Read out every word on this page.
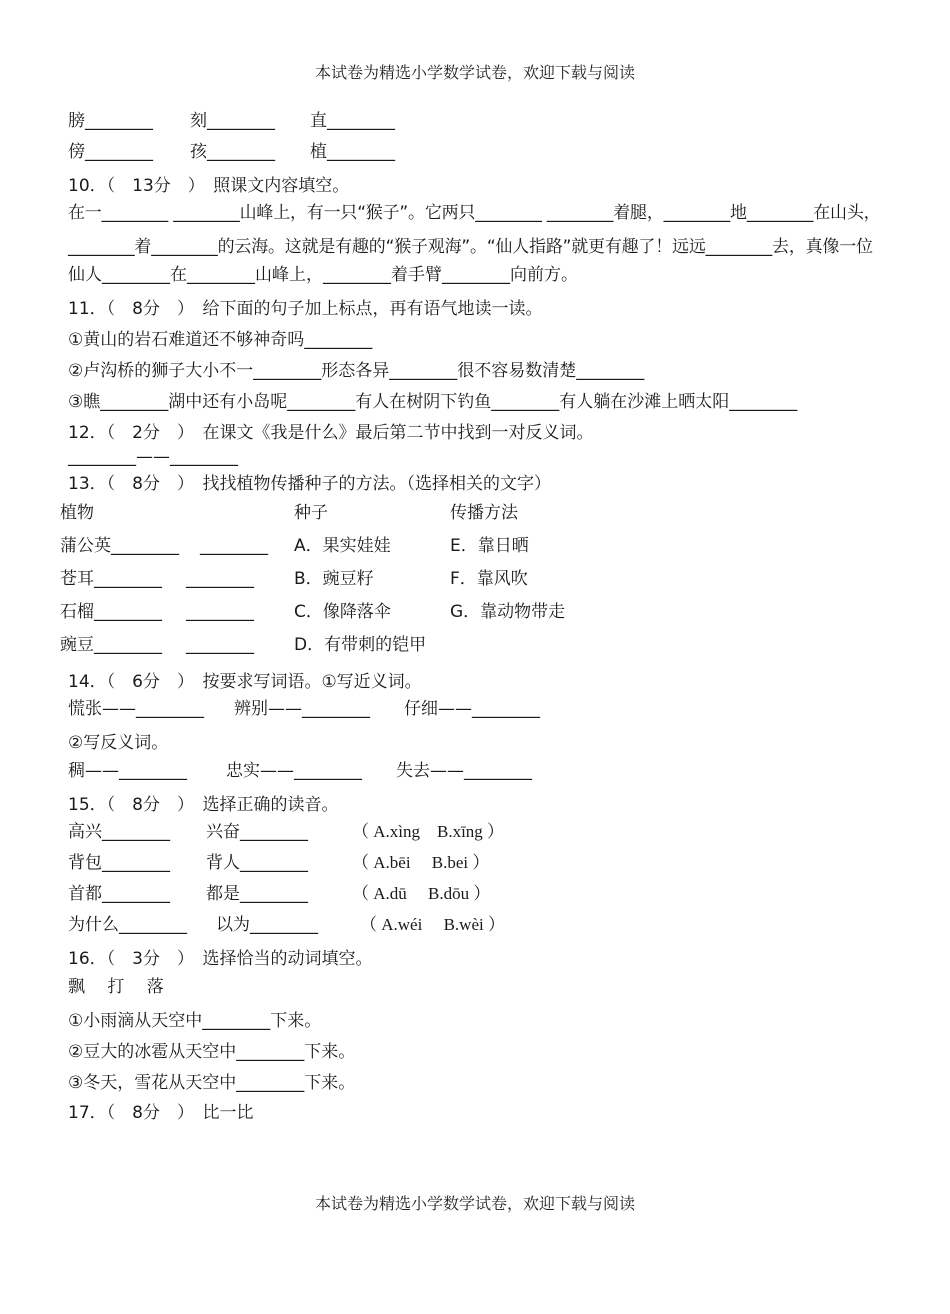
本试卷为精选小学数学试卷，欢迎下载与阅读
膀________ 刻________ 直________
傍________ 孩________ 植________
10．（　13分　）　照课文内容填空。
在一________ ________山峰上，有一只“猴子”。它两只________ ________着腿，________地________在山头，
________着________的云海。这就是有趣的“猴子观海”。“仙人指路”就更有趣了！远远________去，真像一位
仙人________在________山峰上，________着手臂________向前方。
11．（　8分　）　给下面的句子加上标点，再有语气地读一读。
①黄山的岩石难道还不够神奇吗________
②卢沟桥的狮子大小不一________形态各异________很不容易数清楚________
③瞧________湖中还有小岛呢________有人在树阴下钓鱼________有人躺在沙滩上晒太阳________
12．（　2分　）　在课文《我是什么》最后第二节中找到一对反义词。
________——________
13．（　8分　）　找找植物传播种子的方法。（选择相关的文字）
植物	种子	传播方法
蒲公英________ ________ A．果实娃娃	E．靠日晒
苍耳________ ________ B．豌豆籽	F．靠风吹
石榴________ ________ C．像降落伞	G．靠动物带走
豌豆________ ________ D．有带刺的铠甲
14．（　6分　）　按要求写词语。①写近义词。
慌张——________ 辨别——________ 仔细——________
②写反义词。
稠——________ 忠实——________ 失去——________
15．（　8分　）　选择正确的读音。
高兴________ 兴奋________	（ A.xìng　B.xīng ）
背包________ 背人________	（ A.bēi　 B.bei ）
首都________ 都是________	（ A.dū　 B.dōu ）
为什么________ 以为________ （ A.wéi　 B.wèi ）
16．（　3分　）　选择恰当的动词填空。
飘　 打　 落
①小雨滴从天空中________下来。
②豆大的冰雹从天空中________下来。
③冬天，雪花从天空中________下来。
17．（　8分　）　比一比
本试卷为精选小学数学试卷，欢迎下载与阅读
